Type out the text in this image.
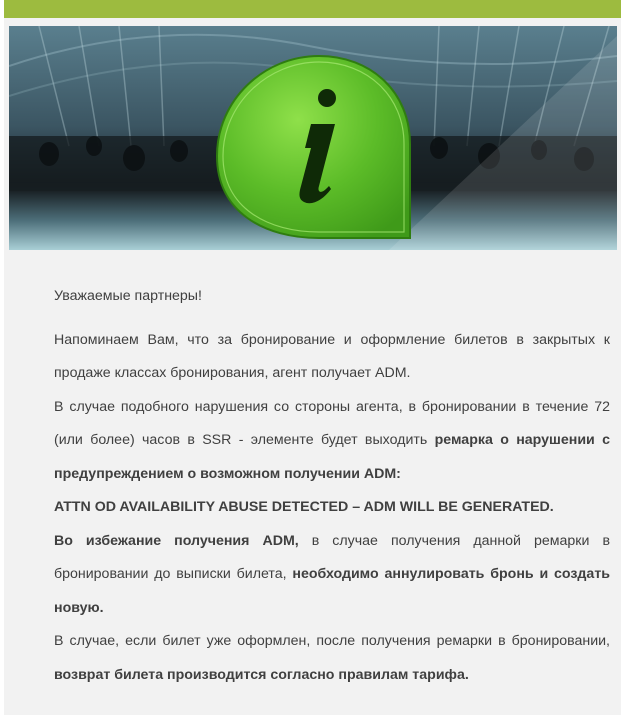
Уважаемые партнеры!

Напоминаем Вам, что за бронирование и оформление билетов в закрытых к продаже классах бронирования, агент получает ADM.

В случае подобного нарушения со стороны агента, в бронировании в течение 72 (или более) часов в SSR - элементе будет выходить ремарка о нарушении с предупреждением о возможном получении ADM:

ATTN OD AVAILABILITY ABUSE DETECTED – ADM WILL BE GENERATED.

Во избежание получения ADM, в случае получения данной ремарки в бронировании до выписки билета, необходимо аннулировать бронь и создать новую.

В случае, если билет уже оформлен, после получения ремарки в бронировании, возврат билета производится согласно правилам тарифа.
